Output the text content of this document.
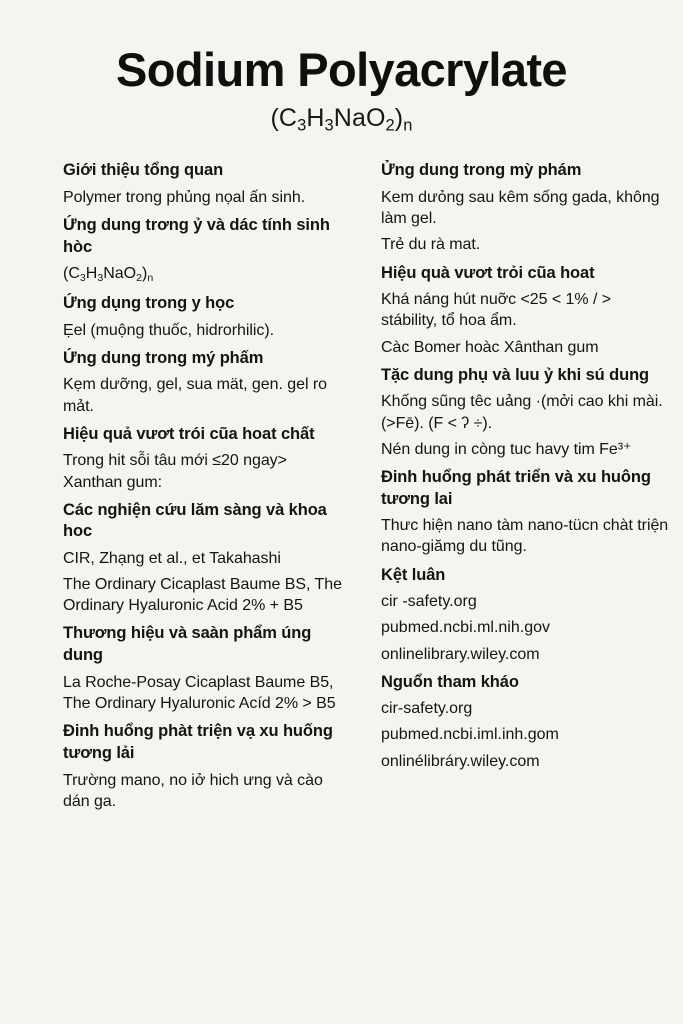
Sodium Polyacrylate
$(C_3H_3NaO_2)_n$
Giới thiệu tổng quan
Polymer trong phủng nọal ấn sinh.
Ứng dung trơng ỷ và dác tính sinh hòc
$(C_3H_3NaO_2)_n$
Ứng dụng trong y học
Ẹel (muộng thuốc, hidrorhilic).
Ứng dung trong mý phấm
Kẹm dưỡng, gel, sua mät, gen. gel ro mảt.
Hiệu quả vươt trói cũa hoat chất
Trong hit sỗi tâu mới ≤20 ngay> Xanthan gum:
Các nghiện cứu lăm sàng và khoa hoc
CIR, Zhạng et al., et Takahashi
The Ordinary Cicaplast Baume BS, The Ordinary Hyaluronic Acid 2% + B5
Thương hiệu và saàn phẩm úng dung
La Roche-Posay Cicaplast Baume B5, The Ordinary Hyaluronic Acíd 2% > B5
Đinh huổng phàt triện vạ xu huống tương lải
Trường mano, no iở hich ưng và cào dán ga.
Ửng dung trong mỳ phám
Kem dưỏng sau kêm sống gada, không làm gel.
Trẻ du rà mat.
Hiệu quà vươt trỏi cũa hoat
Khá náng hút nuỡc <25 < 1% / > stábility, tổ hoa ẩm.
Càc Bomer hoàc Xânthan gum
Tặc dung phụ và luu ỷ khi sú dung
Khống sũng têc uảng ·(mởi cao khi mài. (>Fē). (F < ʔ ÷).
Nén dung in còng tuc havy tim Fe³⁺
Đinh huổng phát triển và xu huông tương lai
Thưc hiện nano tàm nano-tücn chàt triện nano-giămg du tũng.
Kệt luân
cir -safety.org
pubmed.ncbi.ml.nih.gov
onlinelibrary.wiley.com
Nguổn tham kháo
cir-safety.org
pubmed.ncbi.iml.inh.gom
onlinélibráry.wiley.com
